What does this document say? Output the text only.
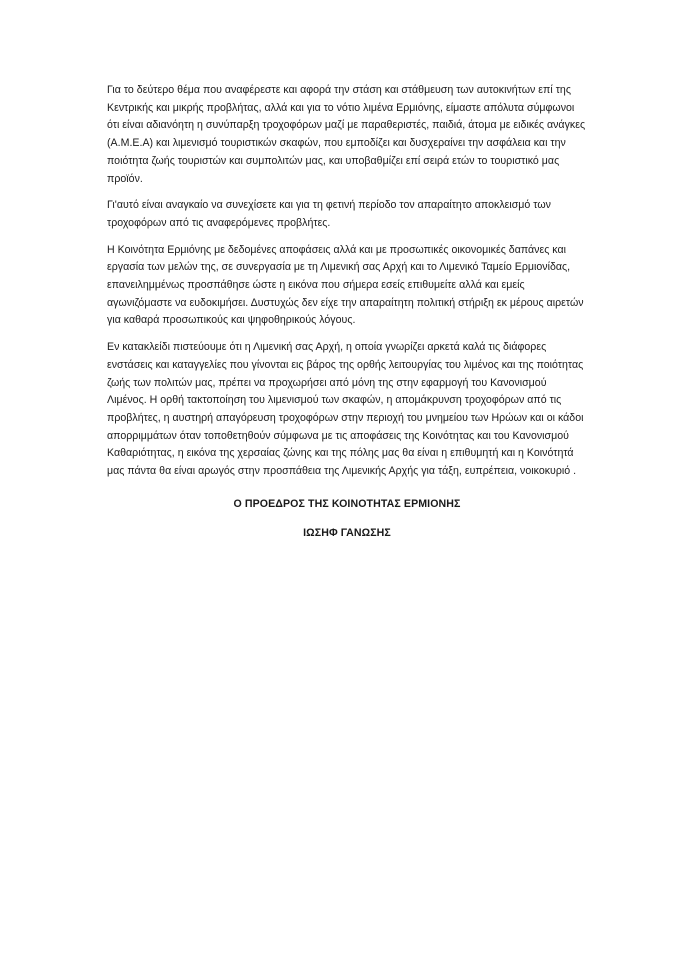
Για το δεύτερο θέμα που αναφέρεστε και αφορά την στάση και στάθμευση των αυτοκινήτων επί της Κεντρικής και μικρής προβλήτας, αλλά και για το νότιο λιμένα Ερμιόνης, είμαστε απόλυτα σύμφωνοι ότι είναι αδιανόητη η συνύπαρξη τροχοφόρων μαζί με παραθεριστές, παιδιά, άτομα με ειδικές ανάγκες (Α.Μ.Ε.Α) και λιμενισμό τουριστικών σκαφών, που εμποδίζει και δυσχεραίνει την ασφάλεια και την ποιότητα ζωής τουριστών και συμπολιτών μας, και υποβαθμίζει επί σειρά ετών το τουριστικό μας προϊόν.

Γι'αυτό είναι αναγκαίο να συνεχίσετε και για τη φετινή περίοδο τον απαραίτητο αποκλεισμό των τροχοφόρων από τις αναφερόμενες προβλήτες.

Η Κοινότητα Ερμιόνης με δεδομένες αποφάσεις αλλά και με προσωπικές οικονομικές δαπάνες και εργασία των μελών της, σε συνεργασία με τη Λιμενική σας Αρχή και το Λιμενικό Ταμείο Ερμιονίδας, επανειλημμένως προσπάθησε ώστε η εικόνα που σήμερα εσείς επιθυμείτε αλλά και εμείς αγωνιζόμαστε να ευδοκιμήσει. Δυστυχώς δεν είχε την απαραίτητη πολιτική στήριξη εκ μέρους αιρετών για καθαρά προσωπικούς και ψηφοθηρικούς λόγους.

Εν κατακλείδι πιστεύουμε ότι η Λιμενική σας Αρχή, η οποία γνωρίζει αρκετά καλά τις διάφορες ενστάσεις και καταγγελίες που γίνονται εις βάρος της ορθής λειτουργίας του λιμένος και της ποιότητας ζωής των πολιτών μας, πρέπει να προχωρήσει από μόνη της στην εφαρμογή του Κανονισμού Λιμένος. Η ορθή τακτοποίηση του λιμενισμού των σκαφών, η απομάκρυνση τροχοφόρων από τις προβλήτες, η αυστηρή απαγόρευση τροχοφόρων στην περιοχή του μνημείου των Ηρώων και οι κάδοι απορριμμάτων όταν τοποθετηθούν σύμφωνα με τις αποφάσεις της Κοινότητας και του Κανονισμού Καθαριότητας, η εικόνα της χερσαίας ζώνης και της πόλης μας θα είναι η επιθυμητή και η Κοινότητά μας πάντα θα είναι αρωγός στην προσπάθεια της Λιμενικής Αρχής για τάξη, ευπρέπεια, νοικοκυριό .

Ο ΠΡΟΕΔΡΟΣ ΤΗΣ ΚΟΙΝΟΤΗΤΑΣ ΕΡΜΙΟΝΗΣ

ΙΩΣΗΦ ΓΑΝΩΣΗΣ
